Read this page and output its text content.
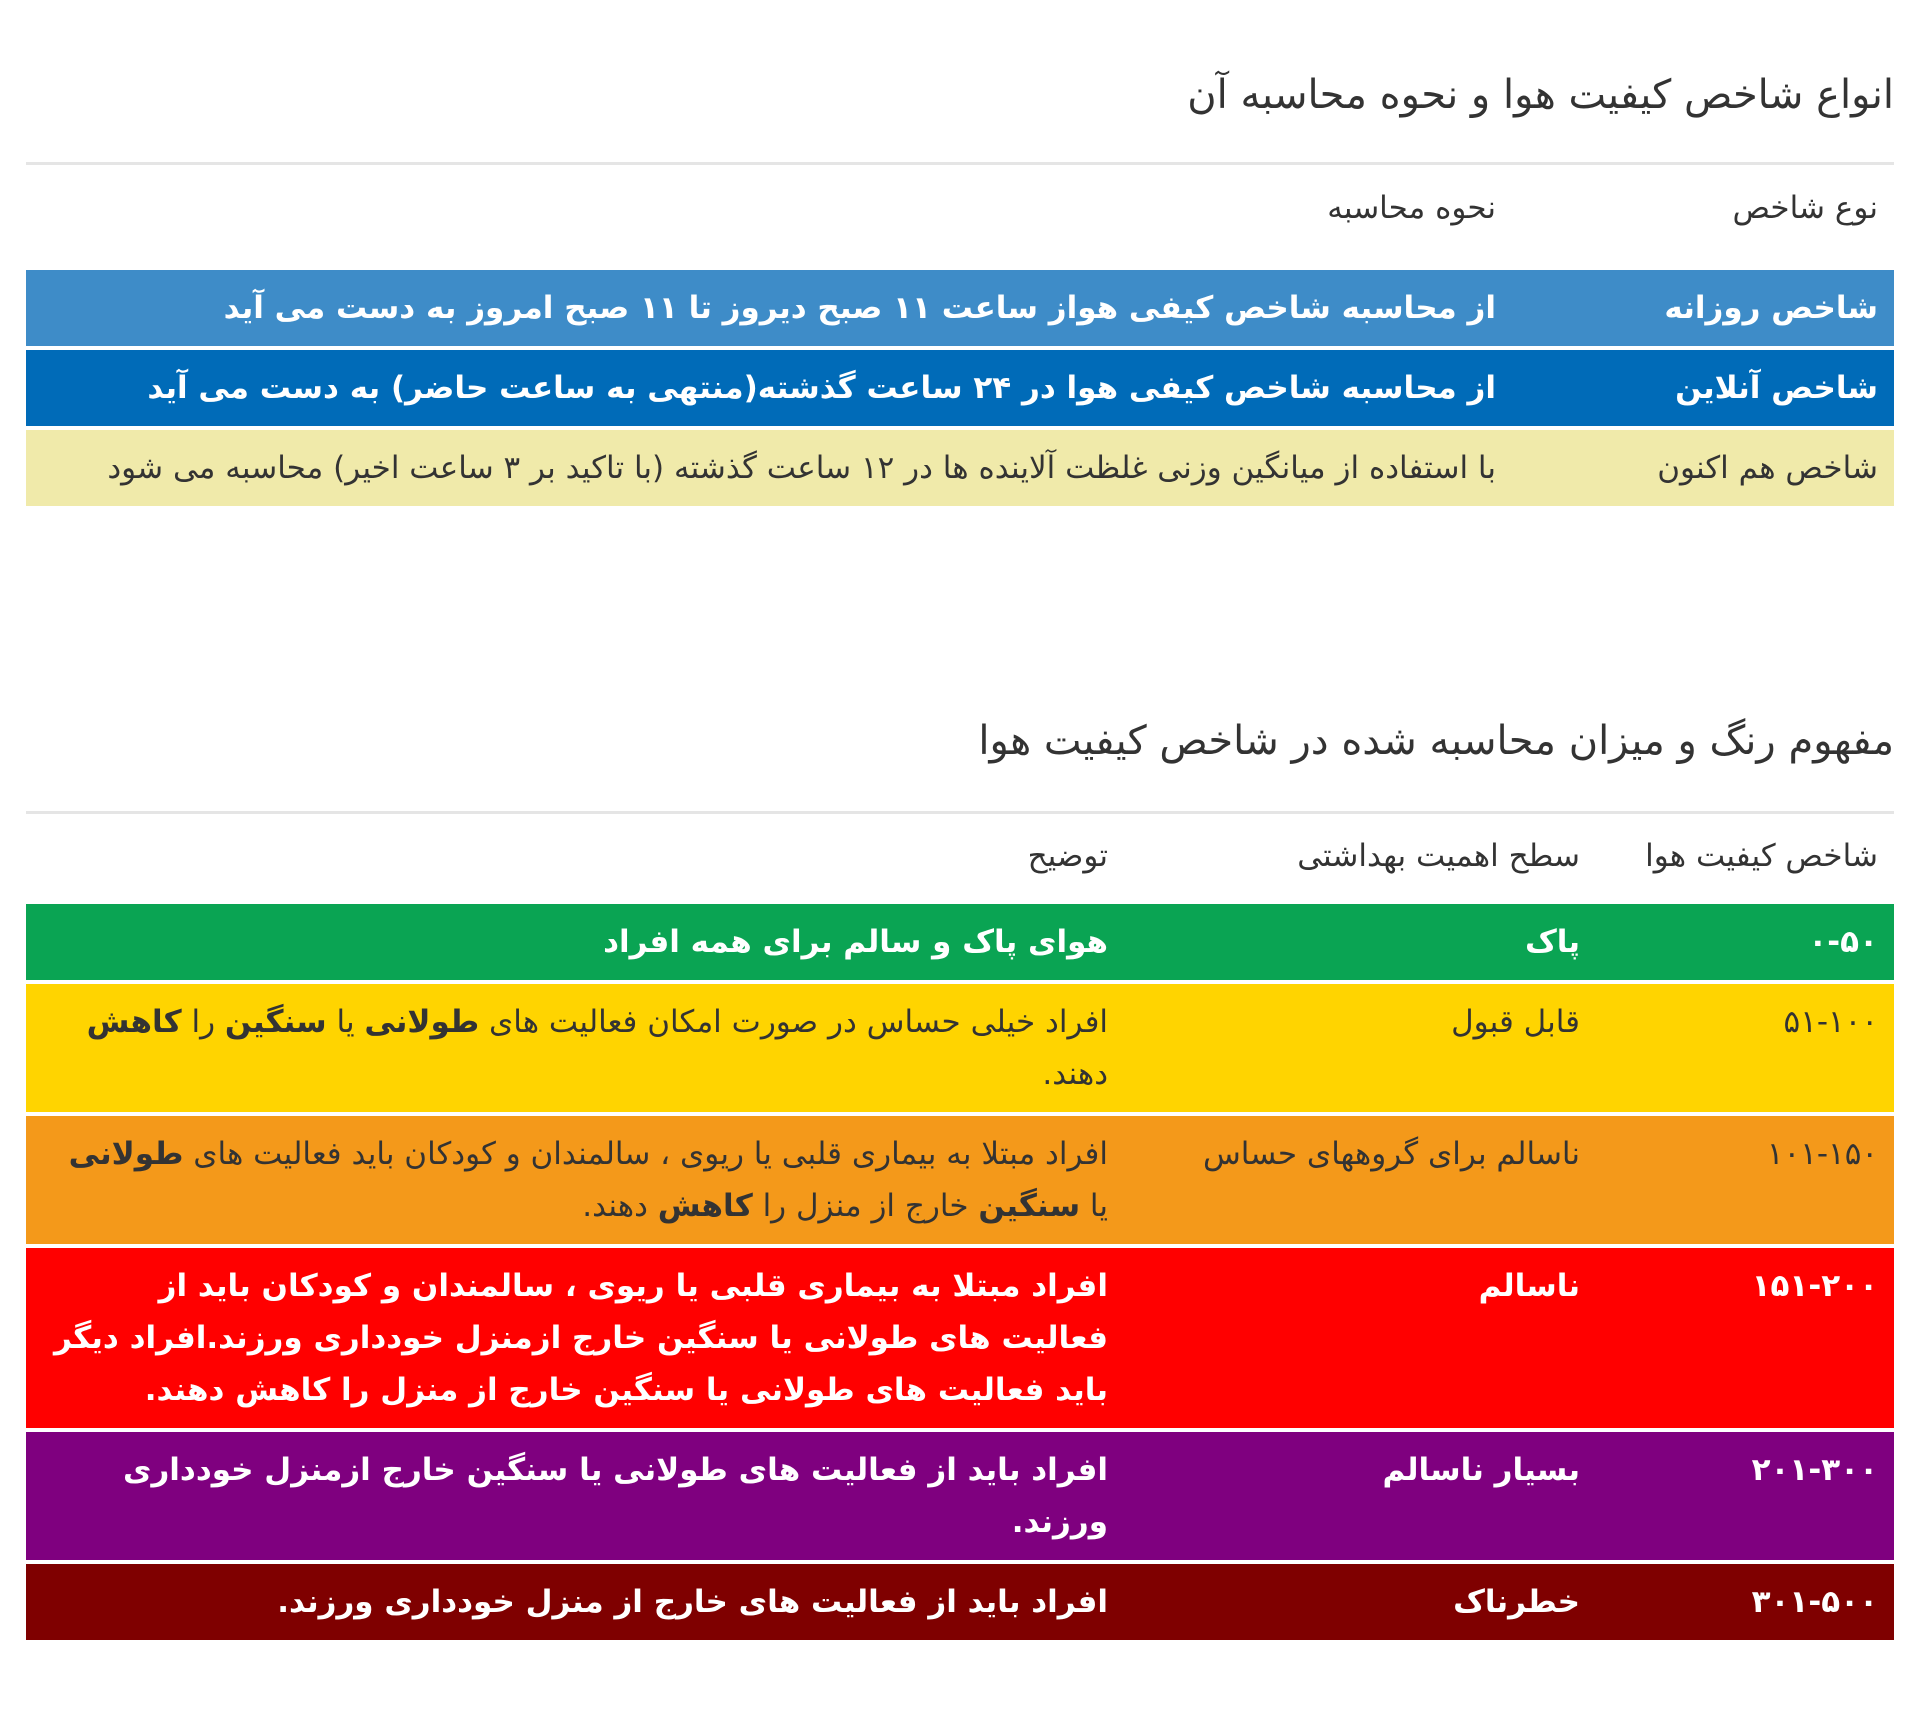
انواع شاخص کیفیت هوا و نحوه محاسبه آن
نوع شاخص	نحوه محاسبه
شاخص روزانه	از محاسبه شاخص کیفی هواز ساعت ۱۱ صبح دیروز تا ۱۱ صبح امروز به دست می آید
شاخص آنلاین	از محاسبه شاخص کیفی هوا در ۲۴ ساعت گذشته(منتهی به ساعت حاضر) به دست می آید
شاخص هم اکنون	با استفاده از میانگین وزنی غلظت آلاینده ها در ۱۲ ساعت گذشته (با تاکید بر ۳ ساعت اخیر) محاسبه می شود
مفهوم رنگ و میزان محاسبه شده در شاخص کیفیت هوا
شاخص کیفیت هوا	سطح اهمیت بهداشتی	توضیح
۰-۵۰	پاک	هوای پاک و سالم برای همه افراد
۵۱-۱۰۰	قابل قبول	افراد خیلی حساس در صورت امکان فعالیت های طولانی یا سنگین را کاهش دهند.
۱۰۱-۱۵۰	ناسالم برای گروههای حساس	افراد مبتلا به بیماری قلبی یا ریوی ، سالمندان و کودکان باید فعالیت های طولانی یا سنگین خارج از منزل را کاهش دهند.
۱۵۱-۲۰۰	ناسالم	افراد مبتلا به بیماری قلبی یا ریوی ، سالمندان و کودکان باید از فعالیت های طولانی یا سنگین خارج ازمنزل خودداری ورزند.افراد دیگر باید فعالیت های طولانی یا سنگین خارج از منزل را کاهش دهند.
۲۰۱-۳۰۰	بسیار ناسالم	افراد باید از فعالیت های طولانی یا سنگین خارج ازمنزل خودداری ورزند.
۳۰۱-۵۰۰	خطرناک	افراد باید از فعالیت های خارج از منزل خودداری ورزند.
